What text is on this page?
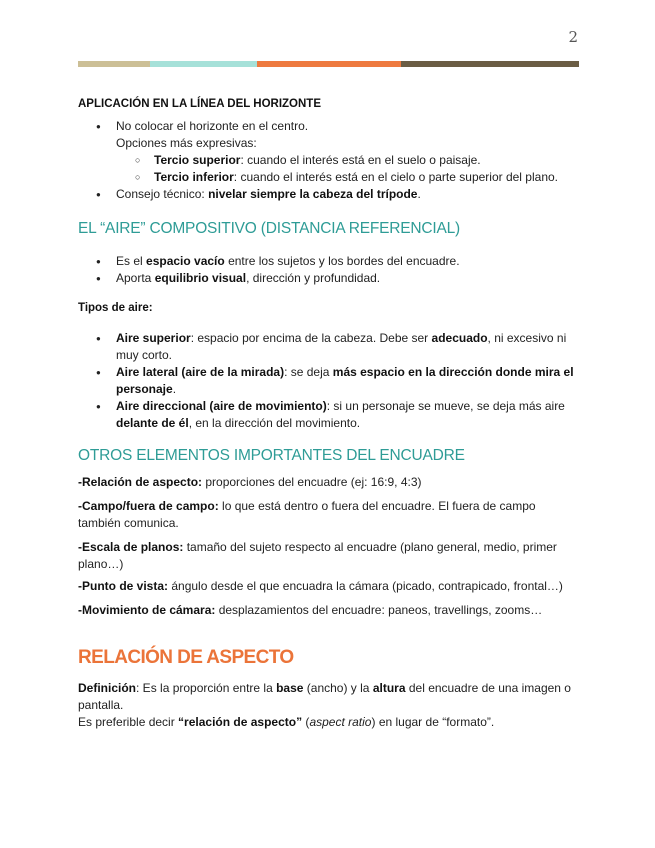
2
APLICACIÓN EN LA LÍNEA DEL HORIZONTE
● No colocar el horizonte en el centro.
Opciones más expresivas:
○ Tercio superior: cuando el interés está en el suelo o paisaje.
○ Tercio inferior: cuando el interés está en el cielo o parte superior del plano.
● Consejo técnico: nivelar siempre la cabeza del trípode.
EL “AIRE” COMPOSITIVO (DISTANCIA REFERENCIAL)
● Es el espacio vacío entre los sujetos y los bordes del encuadre.
● Aporta equilibrio visual, dirección y profundidad.
Tipos de aire:
● Aire superior: espacio por encima de la cabeza. Debe ser adecuado, ni excesivo ni muy corto.
● Aire lateral (aire de la mirada): se deja más espacio en la dirección donde mira el personaje.
● Aire direccional (aire de movimiento): si un personaje se mueve, se deja más aire delante de él, en la dirección del movimiento.
OTROS ELEMENTOS IMPORTANTES DEL ENCUADRE

-Relación de aspecto: proporciones del encuadre (ej: 16:9, 4:3)

-Campo/fuera de campo: lo que está dentro o fuera del encuadre. El fuera de campo también comunica.

-Escala de planos: tamaño del sujeto respecto al encuadre (plano general, medio, primer plano…)

-Punto de vista: ángulo desde el que encuadra la cámara (picado, contrapicado, frontal…)

-Movimiento de cámara: desplazamientos del encuadre: paneos, travellings, zooms…

RELACIÓN DE ASPECTO

Definición: Es la proporción entre la base (ancho) y la altura del encuadre de una imagen o pantalla.
Es preferible decir “relación de aspecto” (aspect ratio) en lugar de “formato”.
